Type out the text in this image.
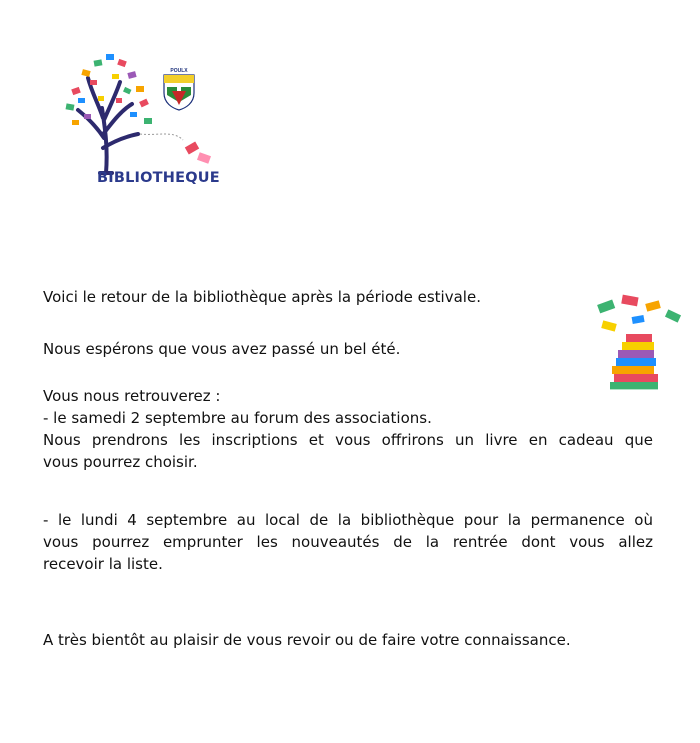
POULX
BIBLIOTHEQUE
Voici le retour de la bibliothèque après la période estivale.
Nous espérons que vous avez passé un bel été.
Vous nous retrouverez :
- le samedi 2 septembre au forum des associations.
Nous prendrons les inscriptions et vous offrirons un livre en cadeau que
vous pourrez choisir.
- le lundi 4 septembre au local de la bibliothèque pour la permanence où
vous pourrez emprunter les nouveautés de la rentrée dont vous allez
recevoir la liste.
A très bientôt au plaisir de vous revoir ou de faire votre connaissance.
